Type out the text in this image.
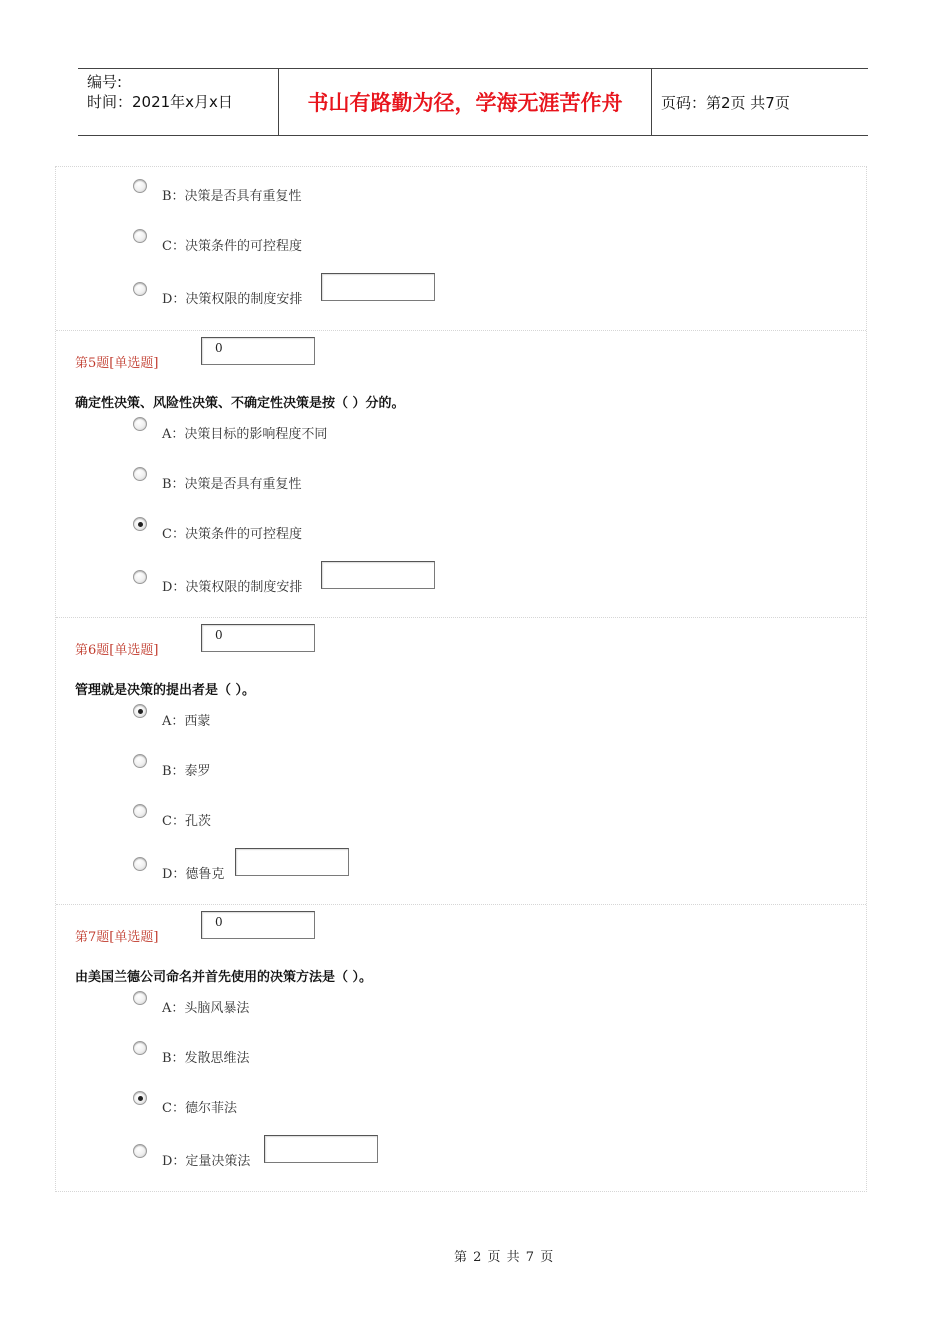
编号:
时间：2021年x月x日	书山有路勤为径，学海无涯苦作舟	页码：第2页 共7页
B：决策是否具有重复性
C：决策条件的可控程度
D：决策权限的制度安排
第5题[单选题]
0
确定性决策、风险性决策、不确定性决策是按（ ）分的。
A：决策目标的影响程度不同
B：决策是否具有重复性
C：决策条件的可控程度
D：决策权限的制度安排
第6题[单选题]
0
管理就是决策的提出者是（ ）。
A：西蒙
B：泰罗
C：孔茨
D：德鲁克
第7题[单选题]
0
由美国兰德公司命名并首先使用的决策方法是（ ）。
A：头脑风暴法
B：发散思维法
C：德尔菲法
D：定量决策法
第 2 页 共 7 页
